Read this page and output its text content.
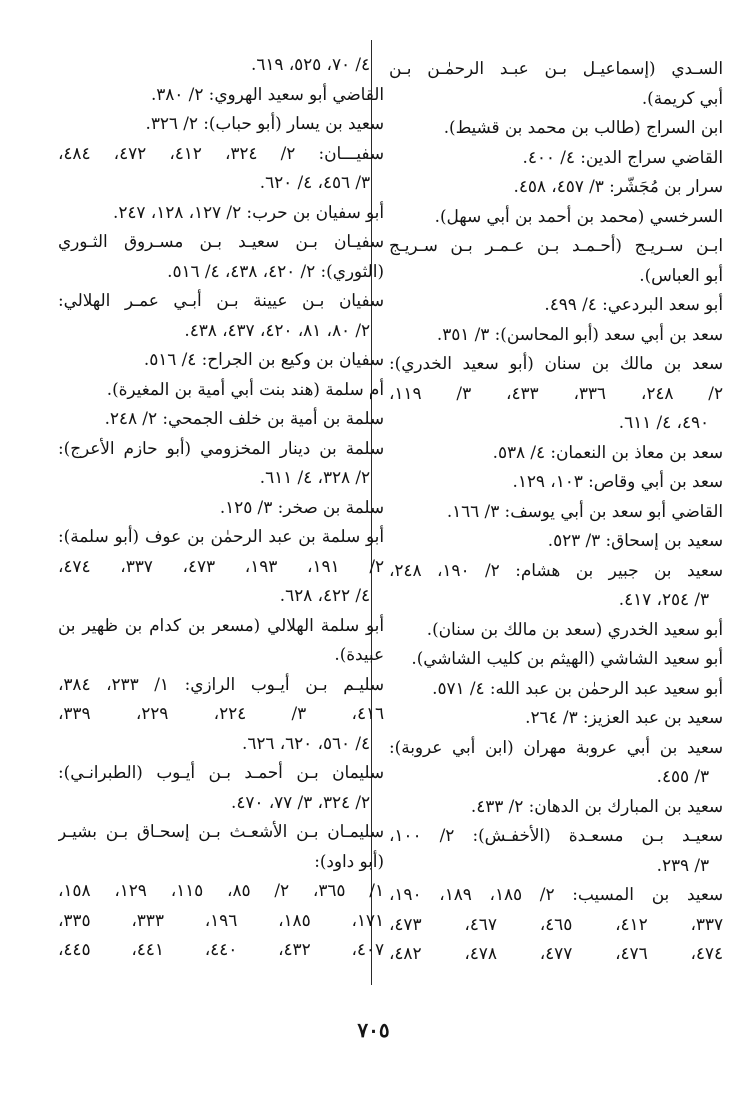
السـدي (إسماعيـل بـن عبـد الرحمٰـن بـن
أبي كريمة).
ابن السراج (طالب بن محمد بن قشيط).
القاضي سراج الدين: ٤/ ٤٠٠.
سرار بن مُجَشّر: ٣/ ٤٥٧، ٤٥٨.
السرخسي (محمد بن أحمد بن أبي سهل).
ابـن سـريـج (أحـمـد بـن عـمـر بـن سـريـج
أبو العباس).
أبو سعد البردعي: ٤/ ٤٩٩.
سعد بن أبي سعد (أبو المحاسن): ٣/ ٣٥١.
سعد بن مالك بن سنان (أبو سعيد الخدري):
٢/ ٢٤٨، ٣٣٦، ٤٣٣، ٣/ ١١٩،
٤٩٠، ٤/ ٦١١.
سعد بن معاذ بن النعمان: ٤/ ٥٣٨.
سعد بن أبي وقاص: ١٠٣، ١٢٩.
القاضي أبو سعد بن أبي يوسف: ٣/ ١٦٦.
سعيد بن إسحاق: ٣/ ٥٢٣.
سعيد بن جبير بن هشام: ٢/ ١٩٠، ٢٤٨،
٣/ ٢٥٤، ٤١٧.
أبو سعيد الخدري (سعد بن مالك بن سنان).
أبو سعيد الشاشي (الهيثم بن كليب الشاشي).
أبو سعيد عبد الرحمٰن بن عبد الله: ٤/ ٥٧١.
سعيد بن عبد العزيز: ٣/ ٢٦٤.
سعيد بن أبي عروبة مهران (ابن أبي عروبة):
٣/ ٤٥٥.
سعيد بن المبارك بن الدهان: ٢/ ٤٣٣.
سعيـد بـن مسعـدة (الأخفـش): ٢/ ١٠٠،
٣/ ٢٣٩.
سعيد بن المسيب: ٢/ ١٨٥، ١٨٩، ١٩٠،
٣٣٧، ٤١٢، ٤٦٥، ٤٦٧، ٤٧٣،
٤٧٤، ٤٧٦، ٤٧٧، ٤٧٨، ٤٨٢،
٤/ ٧٠، ٥٢٥، ٦١٩.
القاضي أبو سعيد الهروي: ٢/ ٣٨٠.
سعيد بن يسار (أبو حباب): ٢/ ٣٢٦.
سفيـــان: ٢/ ٣٢٤، ٤١٢، ٤٧٢، ٤٨٤،
٣/ ٤٥٦، ٤/ ٦٢٠.
أبو سفيان بن حرب: ٢/ ١٢٧، ١٢٨، ٢٤٧.
سفيـان بـن سعيـد بـن مسـروق الثـوري
(الثوري): ٢/ ٤٢٠، ٤٣٨، ٤/ ٥١٦.
سفيان بـن عيينة بـن أبـي عمـر الهلالي:
٢/ ٨٠، ٨١، ٤٢٠، ٤٣٧، ٤٣٨.
سفيان بن وكيع بن الجراح: ٤/ ٥١٦.
أم سلمة (هند بنت أبي أمية بن المغيرة).
سلمة بن أمية بن خلف الجمحي: ٢/ ٢٤٨.
سلمة بن دينار المخزومي (أبو حازم الأعرج):
٢/ ٣٢٨، ٤/ ٦١١.
سلمة بن صخر: ٣/ ١٢٥.
أبو سلمة بن عبد الرحمٰن بن عوف (أبو سلمة):
٢/ ١٩١، ١٩٣، ٤٧٣، ٣٣٧، ٤٧٤،
٤/ ٤٢٢، ٦٢٨.
أبو سلمة الهلالي (مسعر بن كدام بن ظهير بن
عبيدة).
سليـم بـن أيـوب الرازي: ١/ ٢٣٣، ٣٨٤،
٤١٦، ٣/ ٢٢٤، ٢٢٩، ٣٣٩،
٤/ ٥٦٠، ٦٢٠، ٦٢٦.
سليمان بـن أحمـد بـن أيـوب (الطبرانـي):
٢/ ٣٢٤، ٣/ ٧٧، ٤٧٠.
سليمـان بـن الأشعـث بـن إسحـاق بـن بشيـر
(أبو داود):
١/ ٣٦٥، ٢/ ٨٥، ١١٥، ١٢٩، ١٥٨،
١٧١، ١٨٥، ١٩٦، ٣٣٣، ٣٣٥،
٤٠٧، ٤٣٢، ٤٤٠، ٤٤١، ٤٤٥،
٧٠٥
